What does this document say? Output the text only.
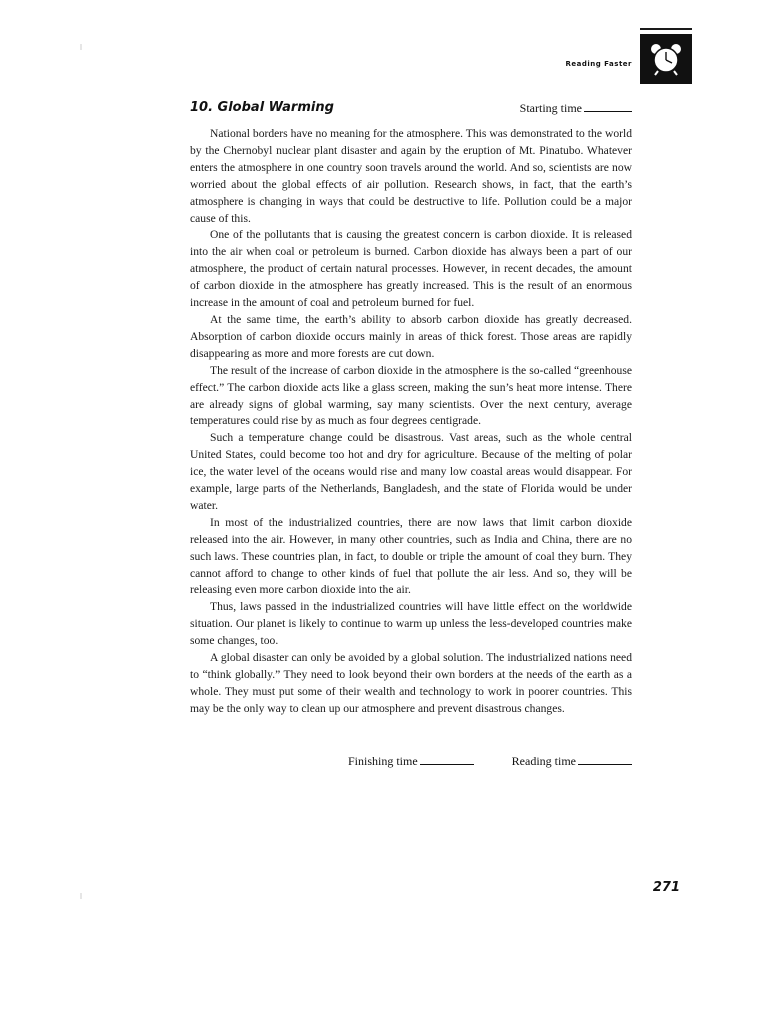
Reading Faster
10. Global Warming	Starting time

National borders have no meaning for the atmosphere. This was demonstrated to the world by the Chernobyl nuclear plant disaster and again by the eruption of Mt. Pinatubo. Whatever enters the atmosphere in one country soon travels around the world. And so, scientists are now worried about the global effects of air pollution. Research shows, in fact, that the earth’s atmosphere is changing in ways that could be destructive to life. Pollution could be a major cause of this.

One of the pollutants that is causing the greatest concern is carbon dioxide. It is released into the air when coal or petroleum is burned. Carbon dioxide has always been a part of our atmosphere, the product of certain natural processes. However, in recent decades, the amount of carbon dioxide in the atmosphere has greatly increased. This is the result of an enormous increase in the amount of coal and petroleum burned for fuel.

At the same time, the earth’s ability to absorb carbon dioxide has greatly decreased. Absorption of carbon dioxide occurs mainly in areas of thick forest. Those areas are rapidly disappearing as more and more forests are cut down.

The result of the increase of carbon dioxide in the atmosphere is the so-called “greenhouse effect.” The carbon dioxide acts like a glass screen, making the sun’s heat more intense. There are already signs of global warming, say many scientists. Over the next century, average temperatures could rise by as much as four degrees centigrade.

Such a temperature change could be disastrous. Vast areas, such as the whole central United States, could become too hot and dry for agriculture. Because of the melting of polar ice, the water level of the oceans would rise and many low coastal areas would disappear. For example, large parts of the Netherlands, Bangladesh, and the state of Florida would be under water.

In most of the industrialized countries, there are now laws that limit carbon dioxide released into the air. However, in many other countries, such as India and China, there are no such laws. These countries plan, in fact, to double or triple the amount of coal they burn. They cannot afford to change to other kinds of fuel that pollute the air less. And so, they will be releasing even more carbon dioxide into the air.

Thus, laws passed in the industrialized countries will have little effect on the worldwide situation. Our planet is likely to continue to warm up unless the less-developed countries make some changes, too.

A global disaster can only be avoided by a global solution. The industrialized nations need to “think globally.” They need to look beyond their own borders at the needs of the earth as a whole. They must put some of their wealth and technology to work in poorer countries. This may be the only way to clean up our atmosphere and prevent disastrous changes.

Finishing time	Reading time
271
